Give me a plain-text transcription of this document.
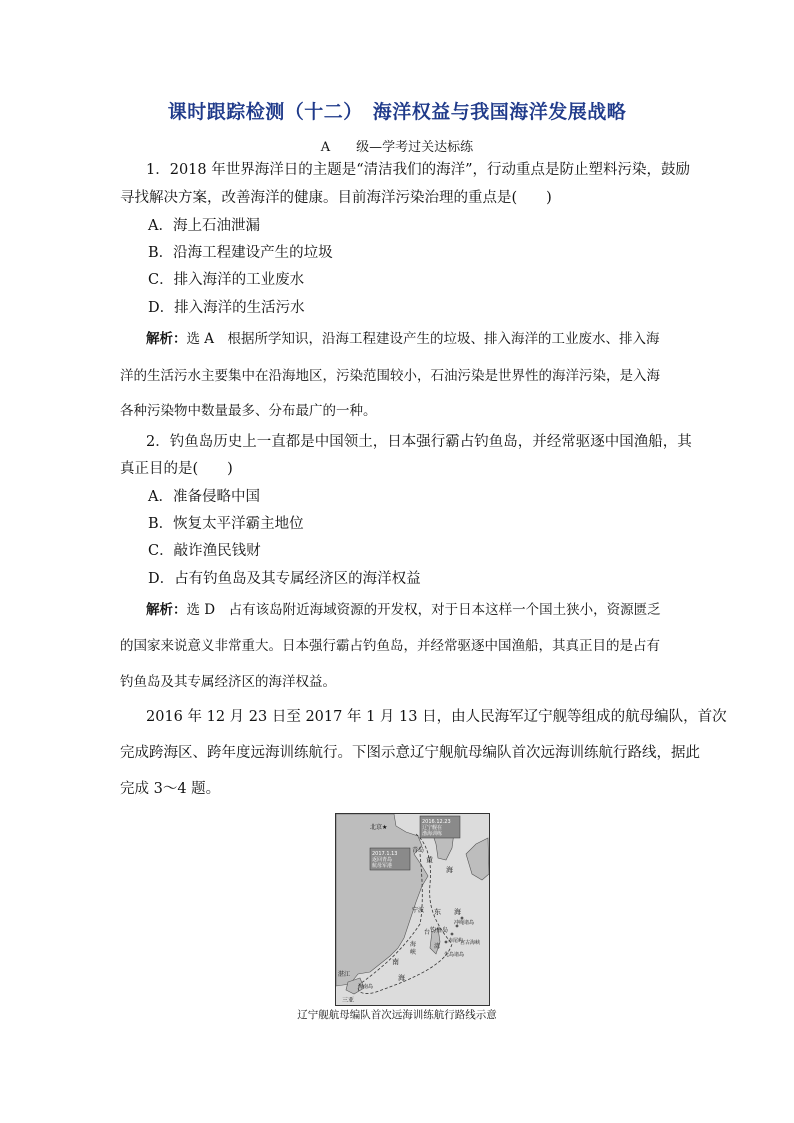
课时跟踪检测（十二）　海洋权益与我国海洋发展战略
A　　级—学考过关达标练
1．2018 年世界海洋日的主题是“清洁我们的海洋”，行动重点是防止塑料污染，鼓励
寻找解决方案，改善海洋的健康。目前海洋污染治理的重点是(　　)
A．海上石油泄漏
B．沿海工程建设产生的垃圾
C．排入海洋的工业废水
D．排入海洋的生活污水
解析：选 A　根据所学知识，沿海工程建设产生的垃圾、排入海洋的工业废水、排入海
洋的生活污水主要集中在沿海地区，污染范围较小，石油污染是世界性的海洋污染，是入海
各种污染物中数量最多、分布最广的一种。
2．钓鱼岛历史上一直都是中国领土，日本强行霸占钓鱼岛，并经常驱逐中国渔船，其
真正目的是(　　)
A．准备侵略中国
B．恢复太平洋霸主地位
C．敲诈渔民钱财
D．占有钓鱼岛及其专属经济区的海洋权益
解析：选 D　占有该岛附近海域资源的开发权，对于日本这样一个国土狭小，资源匮乏
的国家来说意义非常重大。日本强行霸占钓鱼岛，并经常驱逐中国渔船，其真正目的是占有
钓鱼岛及其专属经济区的海洋权益。
2016 年 12 月 23 日至 2017 年 1 月 13 日，由人民海军辽宁舰等组成的航母编队，首次
完成跨海区、跨年度远海训练航行。下图示意辽宁舰航母编队首次远海训练航行路线，据此
完成 3～4 题。
北京★
2016.12.23
辽宁舰在
渤海训练
2017.1.13
返回青岛
航母军港
青岛
黄
海
宁波 东 海
台 钓鱼岛
湾
海
峡
冲绳诸岛
赤尾屿
宫古海峡
先岛诸岛
南
海
湛江
海南岛
三亚
辽宁舰航母编队首次远海训练航行路线示意
